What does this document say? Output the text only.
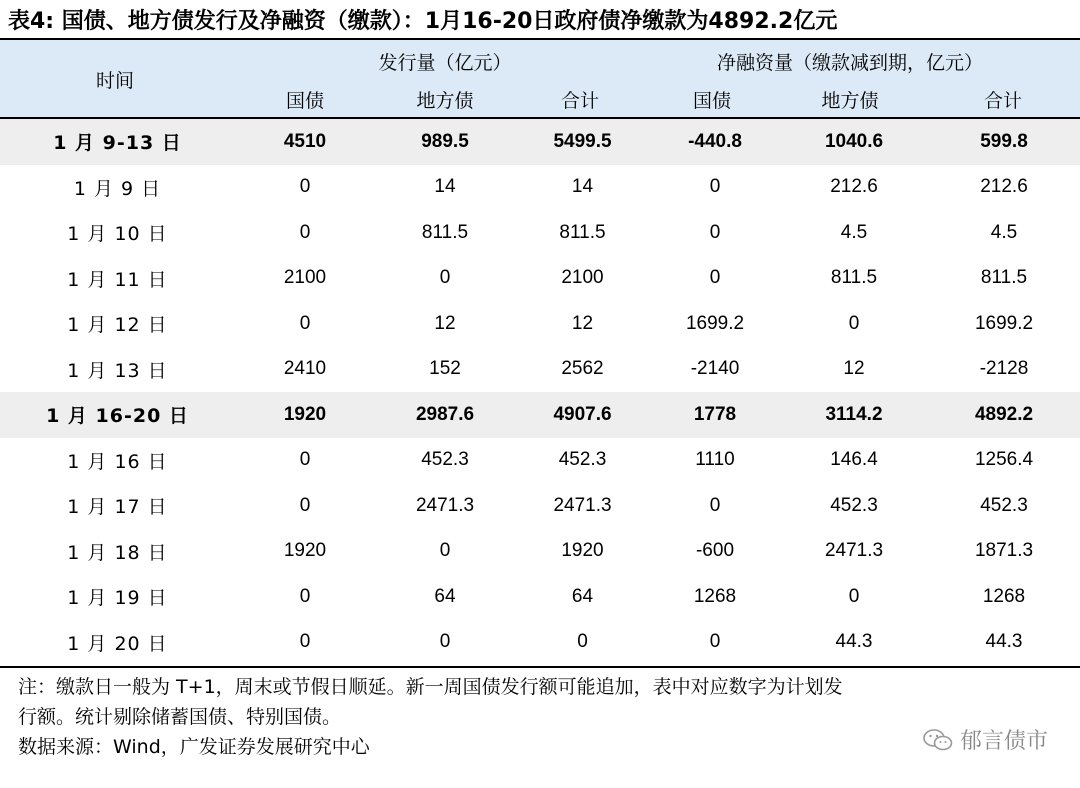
表4: 国债、地方债发行及净融资（缴款）：1月16-20日政府债净缴款为4892.2亿元
时间
发行量（亿元）	净融资量（缴款减到期，亿元）
国债	地方债	合计	国债	地方债	合计
1 月 9-13 日	4510	989.5	5499.5	-440.8	1040.6	599.8
1 月 9 日	0	14	14	0	212.6	212.6
1 月 10 日	0	811.5	811.5	0	4.5	4.5
1 月 11 日	2100	0	2100	0	811.5	811.5
1 月 12 日	0	12	12	1699.2	0	1699.2
1 月 13 日	2410	152	2562	-2140	12	-2128
1 月 16-20 日	1920	2987.6	4907.6	1778	3114.2	4892.2
1 月 16 日	0	452.3	452.3	1110	146.4	1256.4
1 月 17 日	0	2471.3	2471.3	0	452.3	452.3
1 月 18 日	1920	0	1920	-600	2471.3	1871.3
1 月 19 日	0	64	64	1268	0	1268
1 月 20 日	0	0	0	0	44.3	44.3
注：缴款日一般为 T+1，周末或节假日顺延。新一周国债发行额可能追加，表中对应数字为计划发
行额。统计剔除储蓄国债、特别国债。
数据来源：Wind，广发证券发展研究中心	郁言债市
